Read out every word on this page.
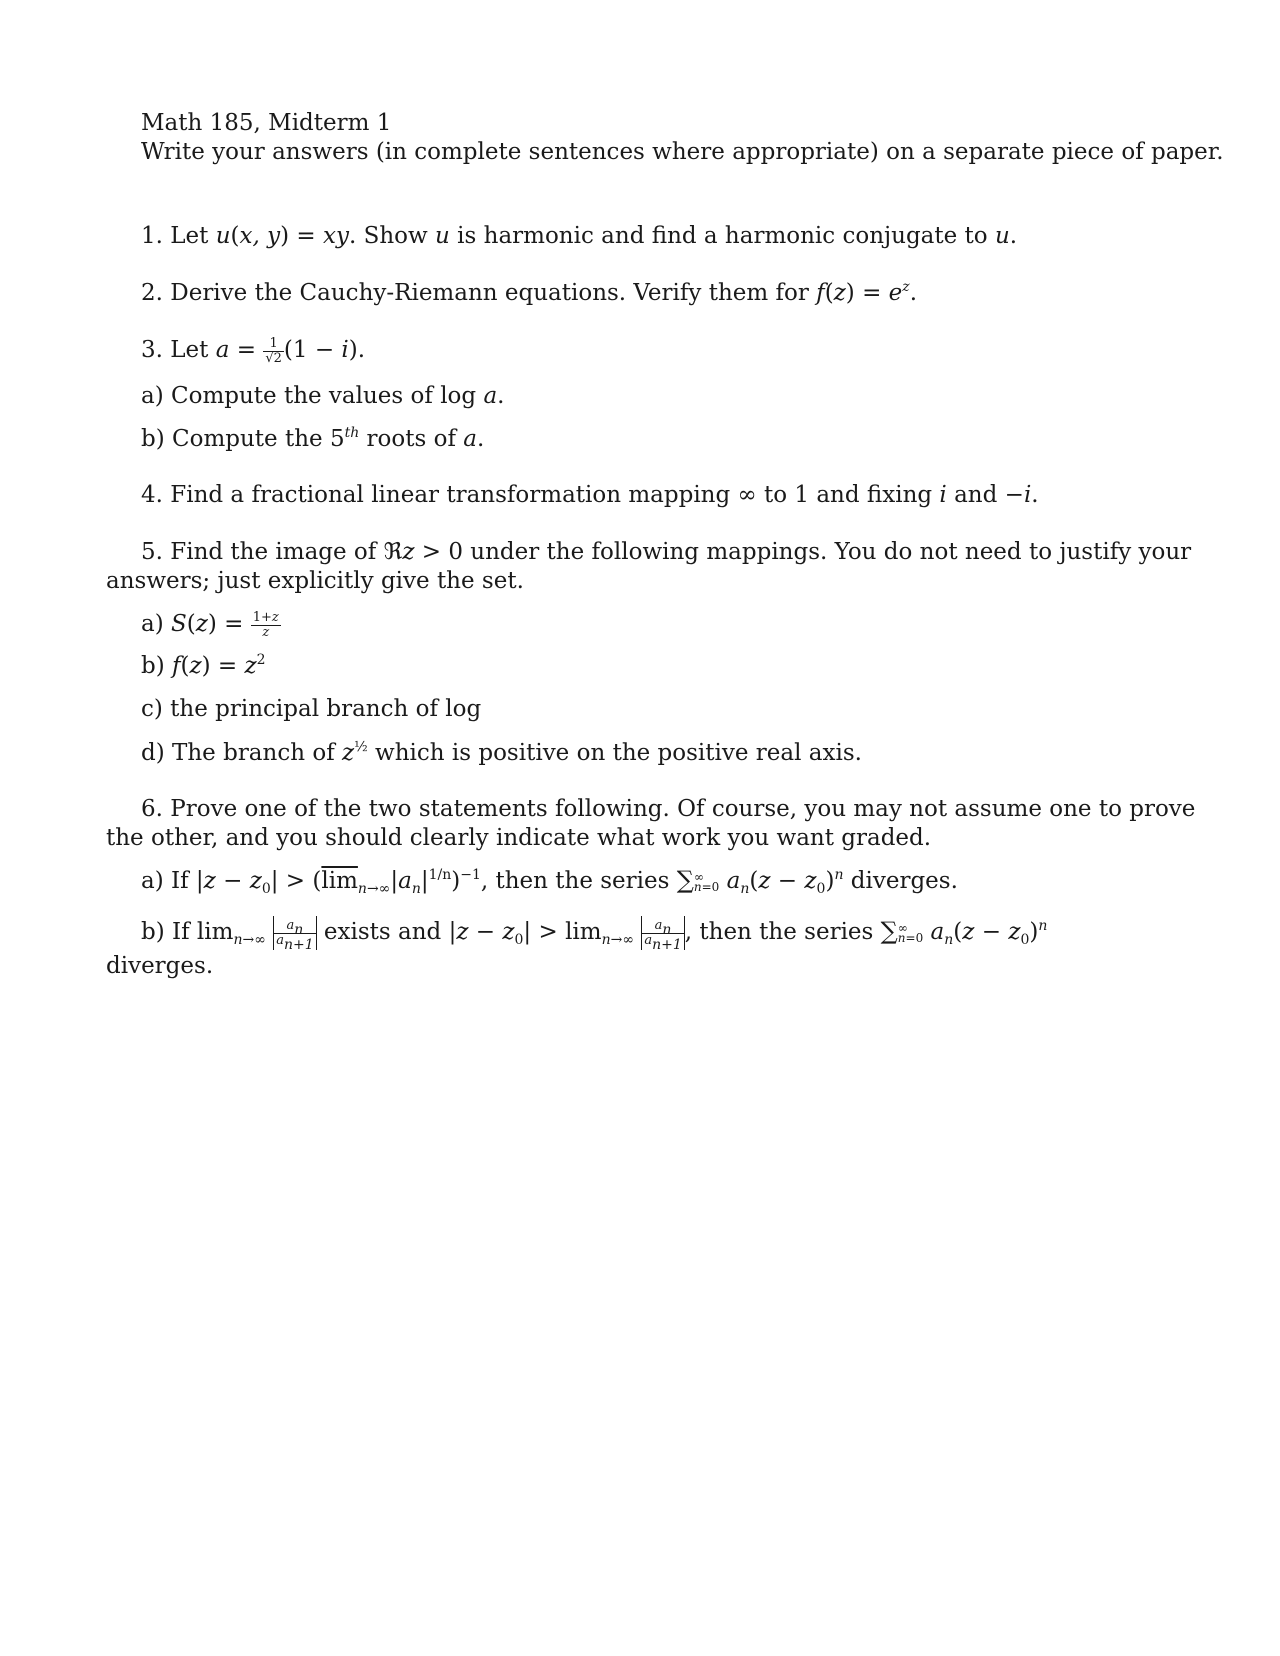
Math 185, Midterm 1
Write your answers (in complete sentences where appropriate) on a separate piece of paper.
1. Let u(x, y) = xy. Show u is harmonic and find a harmonic conjugate to u.
2. Derive the Cauchy-Riemann equations. Verify them for $f(z) = e^z$.
3. Let $a = \frac{1}{√2} (1 - i)$.
a) Compute the values of log a.
b) Compute the 5th roots of a.
4. Find a fractional linear transformation mapping ∞ to 1 and fixing i and −i.
5. Find the image of ℜz > 0 under the following mappings. You do not need to justify your
answers; just explicitly give the set.
a) $S(z) = \frac{1+z}{z}$
b) $f(z) = z^2$
c) the principal branch of log
d) The branch of $z^{\frac{1}{2}}$ which is positive on the positive real axis.
6. Prove one of the two statements following. Of course, you may not assume one to prove
the other, and you should clearly indicate what work you want graded.
a) If $|z - z_0| > (\overline{lim}_{n\to\infty}|a_n|^{1/n})^{-1}$, then the series ∑ ∞
n=0 $a_n(z - z_0)^n$ diverges.
b) If $\lim_{n\to\infty} \frac{a_n}{a_{n+1}}$ exists and $|z - z_0| > \lim_{n\to\infty} \frac{a_n}{a_{n+1}}$ , then the series ∑ ∞
n=0 $a_n(z - z_0)^n$
diverges.
